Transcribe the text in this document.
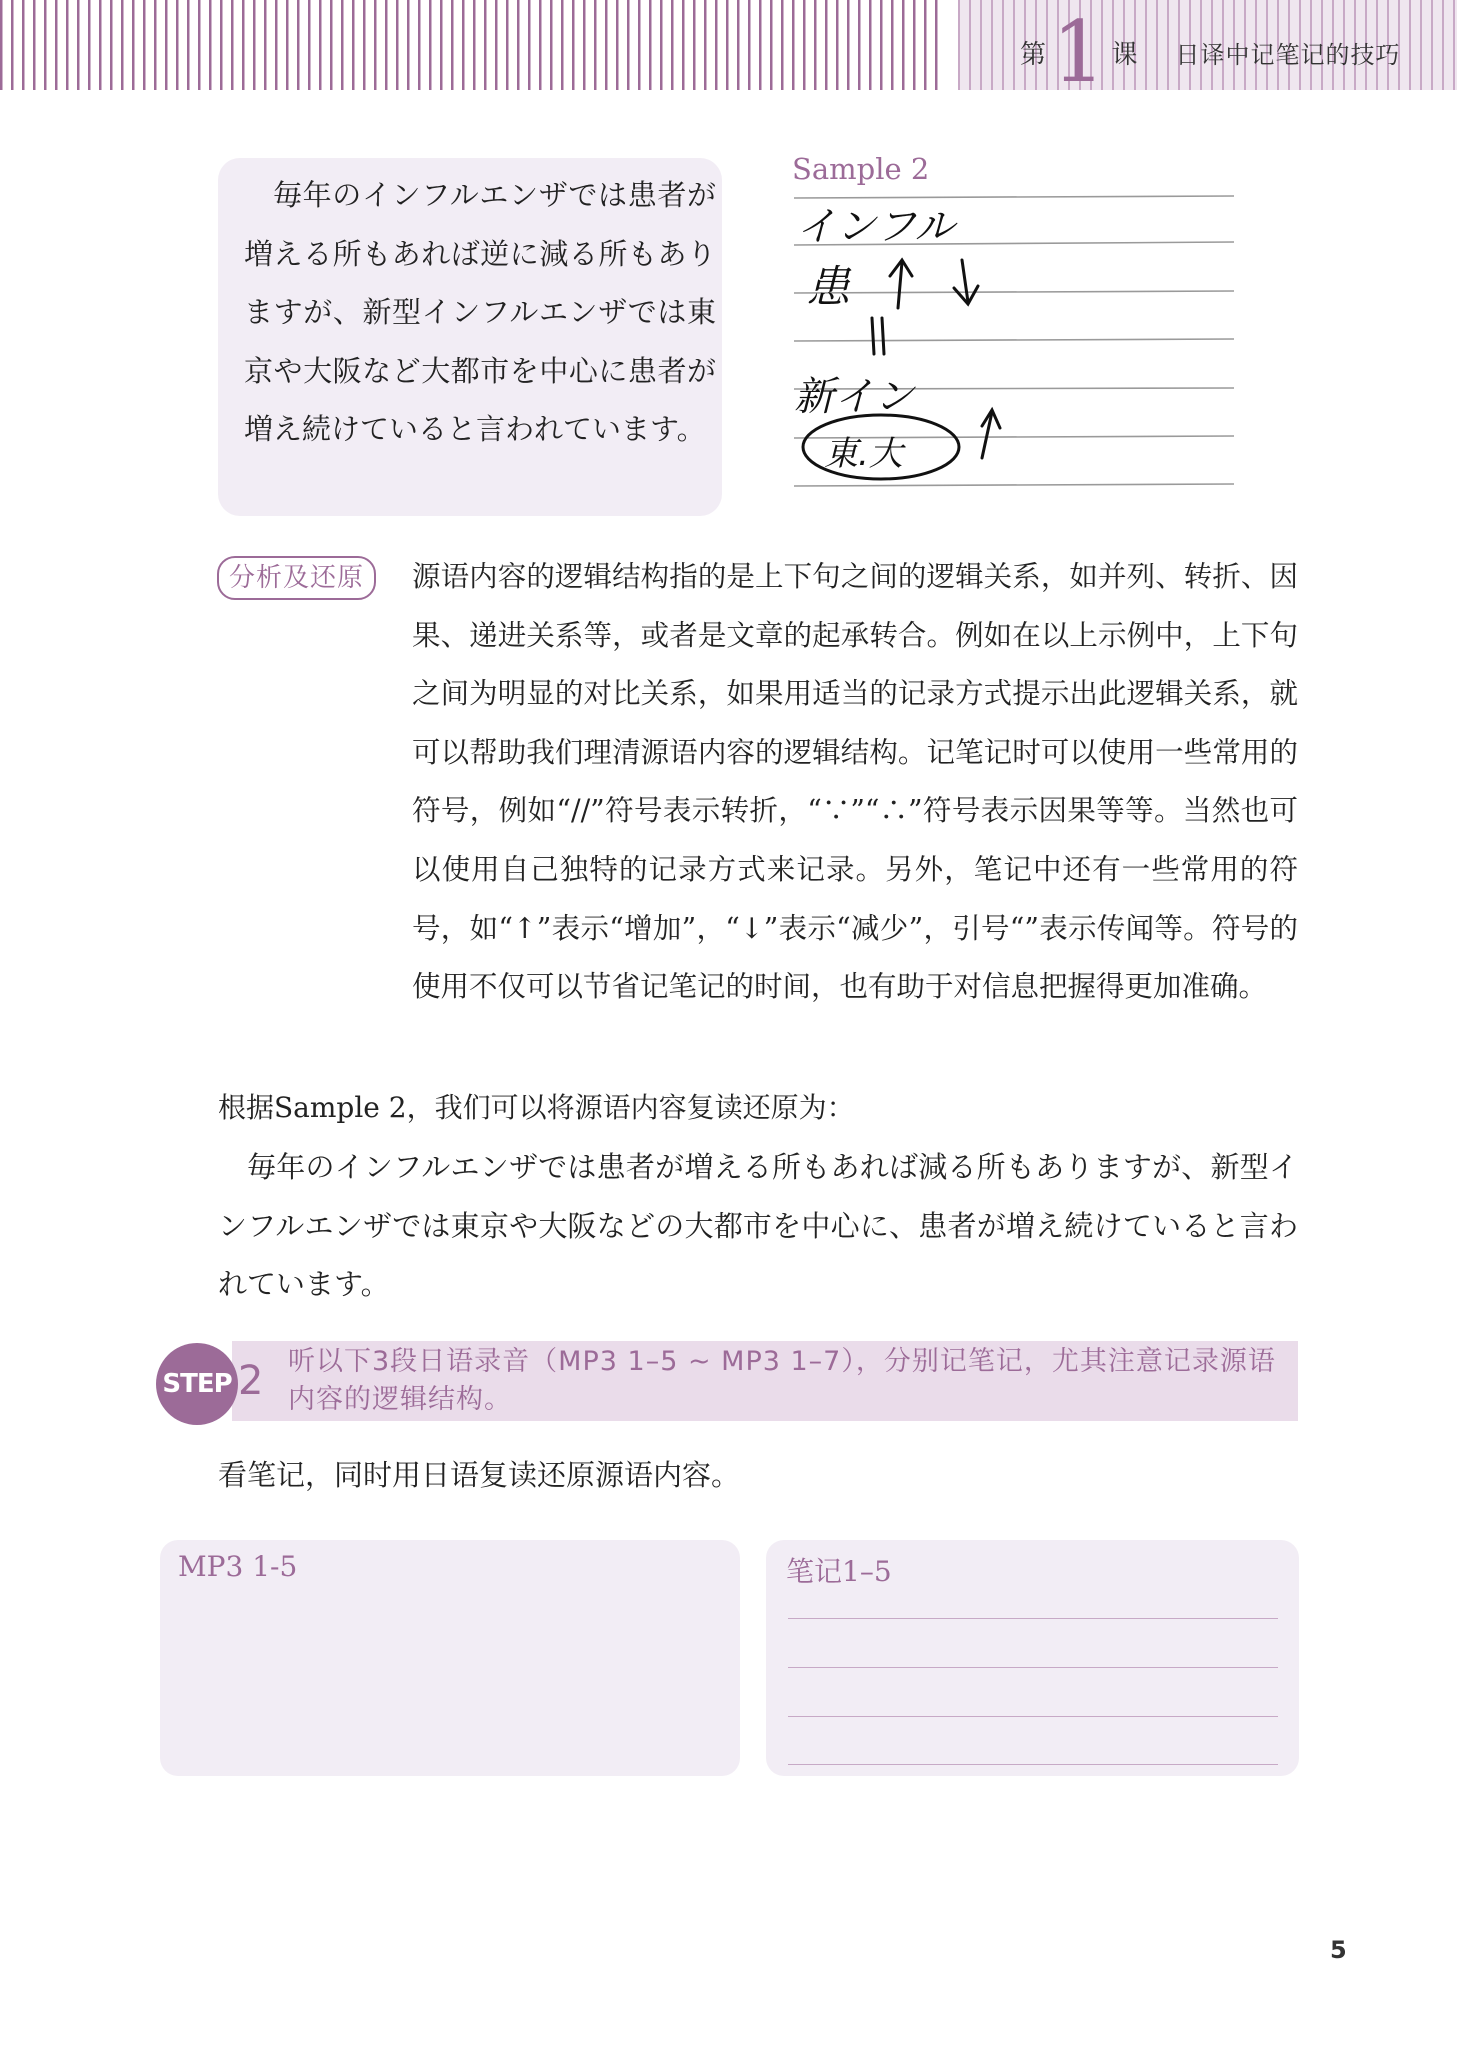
第 1 课 日译中记笔记的技巧
毎年のインフルエンザでは患者が増える所もあれば逆に減る所もありますが、新型インフルエンザでは東京や大阪など大都市を中心に患者が増え続けていると言われています。
Sample 2
インフル
患
新イン
東.大
分析及还原	源语内容的逻辑结构指的是上下句之间的逻辑关系，如并列、转折、因果、递进关系等，或者是文章的起承转合。例如在以上示例中，上下句之间为明显的对比关系，如果用适当的记录方式提示出此逻辑关系，就可以帮助我们理清源语内容的逻辑结构。记笔记时可以使用一些常用的符号，例如“//”符号表示转折，“∵”“∴”符号表示因果等等。当然也可以使用自己独特的记录方式来记录。另外，笔记中还有一些常用的符号，如“↑”表示“增加”，“↓”表示“减少”，引号“”表示传闻等。符号的使用不仅可以节省记笔记的时间，也有助于对信息把握得更加准确。
根据Sample 2，我们可以将源语内容复读还原为：
毎年のインフルエンザでは患者が増える所もあれば減る所もありますが、新型インフルエンザでは東京や大阪などの大都市を中心に、患者が増え続けていると言われています。
STEP 2 听以下3段日语录音（MP3 1–5 ~ MP3 1–7），分别记笔记，尤其注意记录源语内容的逻辑结构。
看笔记，同时用日语复读还原源语内容。
MP3 1-5	笔记1–5
5
